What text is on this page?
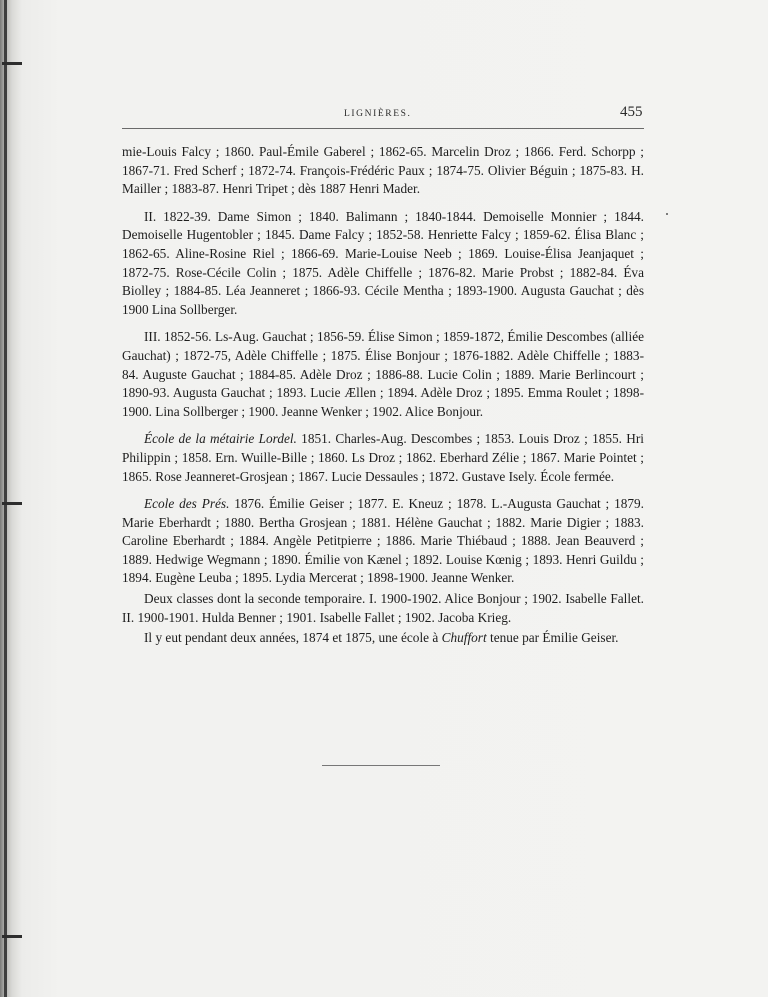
LIGNIÈRES.	455

mie-Louis Falcy ; 1860. Paul-Émile Gaberel ; 1862-65. Marcelin Droz ; 1866. Ferd. Schorpp ; 1867-71. Fred Scherf ; 1872-74. François-Frédéric Paux ; 1874-75. Olivier Béguin ; 1875-83. H. Mailler ; 1883-87. Henri Tripet ; dès 1887 Henri Mader.

II. 1822-39. Dame Simon ; 1840. Balimann ; 1840-1844. Demoiselle Monnier ; 1844. Demoiselle Hugentobler ; 1845. Dame Falcy ; 1852-58. Henriette Falcy ; 1859-62. Élisa Blanc ; 1862-65. Aline-Rosine Riel ; 1866-69. Marie-Louise Neeb ; 1869. Louise-Élisa Jeanjaquet ; 1872-75. Rose-Cécile Colin ; 1875. Adèle Chiffelle ; 1876-82. Marie Probst ; 1882-84. Éva Biolley ; 1884-85. Léa Jeanneret ; 1866-93. Cécile Mentha ; 1893-1900. Augusta Gauchat ; dès 1900 Lina Sollberger.

III. 1852-56. Ls-Aug. Gauchat ; 1856-59. Élise Simon ; 1859-1872, Émilie Descombes (alliée Gauchat) ; 1872-75, Adèle Chiffelle ; 1875. Élise Bonjour ; 1876-1882. Adèle Chiffelle ; 1883-84. Auguste Gauchat ; 1884-85. Adèle Droz ; 1886-88. Lucie Colin ; 1889. Marie Berlincourt ; 1890-93. Augusta Gauchat ; 1893. Lucie Ællen ; 1894. Adèle Droz ; 1895. Emma Roulet ; 1898-1900. Lina Sollberger ; 1900. Jeanne Wenker ; 1902. Alice Bonjour.

École de la métairie Lordel. 1851. Charles-Aug. Descombes ; 1853. Louis Droz ; 1855. Hri Philippin ; 1858. Ern. Wuille-Bille ; 1860. Ls Droz ; 1862. Eberhard Zélie ; 1867. Marie Pointet ; 1865. Rose Jeanneret-Grosjean ; 1867. Lucie Dessaules ; 1872. Gustave Isely. École fermée.

Ecole des Prés. 1876. Émilie Geiser ; 1877. E. Kneuz ; 1878. L.-Augusta Gauchat ; 1879. Marie Eberhardt ; 1880. Bertha Grosjean ; 1881. Hélène Gauchat ; 1882. Marie Digier ; 1883. Caroline Eberhardt ; 1884. Angèle Petitpierre ; 1886. Marie Thiébaud ; 1888. Jean Beauverd ; 1889. Hedwige Wegmann ; 1890. Émilie von Kænel ; 1892. Louise Kœnig ; 1893. Henri Guildu ; 1894. Eugène Leuba ; 1895. Lydia Mercerat ; 1898-1900. Jeanne Wenker.

Deux classes dont la seconde temporaire. I. 1900-1902. Alice Bonjour ; 1902. Isabelle Fallet. II. 1900-1901. Hulda Benner ; 1901. Isabelle Fallet ; 1902. Jacoba Krieg.

Il y eut pendant deux années, 1874 et 1875, une école à Chuffort tenue par Émilie Geiser.
